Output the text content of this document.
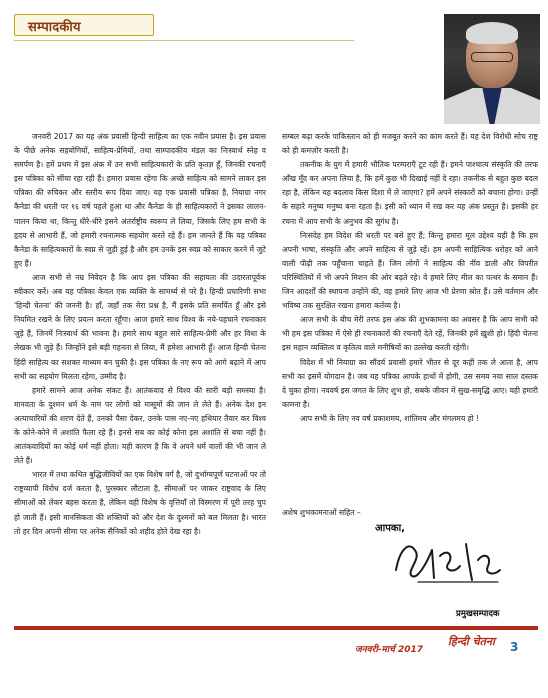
सम्पादकीय

जनवरी 2017 का यह अंक प्रवासी हिन्दी साहित्य का एक नवीन प्रयास है। इस प्रयास के पीछे अनेक सहयोगियों, साहित्य-प्रेमियों, तथा साम्पादकीय मंडल का निःस्वार्थ स्नेह व समर्पण है। हमें प्रथम में इस अंक में उन सभी साहित्यकारों के प्रति कृतज्ञ हूँ, जिनकी रचनाएँ इस पत्रिका को सींचा रहा रही हैं। हमारा प्रयास रहेगा कि अच्छे साहित्य को सामने लाकर इस पत्रिका की रुचिकर और स्तरीय रूप दिया जाए। यह एक प्रवासी पत्रिका है, नियाग्रा नगर कैनेडा की धरती पर १६ वर्ष पहले हुआ था और कैनेडा के ही साहित्यकारों ने इसका लालन-पालन किया था, किन्तु धीरे-धीरे इसने अंतर्राष्ट्रीय स्वरूप ले लिया, जिसके लिए हम सभी के हृदय से आभारी हैं, जो हमारी रचनात्मक सहयोग करते रहे हैं। हम जानते हैं कि यह पत्रिका कैनेडा के साहित्यकारों के स्वप्न से जुड़ी हुई है और हम उनके इस स्वप्न को साकार करने में जुटे हुए हैं।

आज सभी से नम्र निवेदन है कि आप इस पत्रिका की सहायता की उदारतापूर्वक स्वीकार करें। अब यह पत्रिका केवल एक व्यक्ति के सामर्थ्य से परे है। हिन्दी प्रचारिणी सभा 'हिन्दी चेतना' की जननी है। हाँ, जहाँ तक मेरा प्रश्न है, मैं इसके प्रति समर्पित हूँ और इसे नियमित रखने के लिए प्रयत्न करता रहूँगा। आज हमारे साथ विश्व के नये-पहचाने रचनाकार जुड़े हैं, जिनमें निःस्वार्थ की भावना है। हमारे साथ बहुत सारे साहित्य-प्रेमी और हर विधा के लेखक भी जुड़े हैं। जिन्होंने इसे बड़ी गहनता से लिया, मैं हमेशा आभारी हूँ। आज हिन्दी चेतना हिंदी साहित्य का सशक्त माध्यम बन चुकी है। इस पत्रिका के नए रूप को आगे बढ़ाने में आप सभी का सहयोग मिलता रहेगा, उम्मीद है।

हमारे सामने आज अनेक संकट हैं। आतंकवाद से विश्व की सारी बड़ी समस्या है। मानवता के दुश्मन धर्म के नाम पर लोगों को मासूमों की जान ले लेते हैं। अनेक देश इन अत्याचारियों की शरण देते हैं, उनको पैसा देकर, उनके पास नए-नए हथियार तैयार कर विश्व के कोने-कोने में अशांति फैला रहे हैं। इनसे सब का कोई कोना इस अशांति से बचा नहीं है। आतंकवादियों का कोई धर्म नहीं होता। यही कारण है कि वे अपने धर्म वालों की भी जान ले लेते हैं।

भारत में तथा कथित बुद्धिजीवियों का एक विशेष वर्ग है, जो दुर्भाग्यपूर्ण घटनाओं पर तो राष्ट्रव्यापी विरोध दर्ज करता है, पुरस्कार लौटाता है, सीमाओं पर जाकर राष्ट्रवाद के लिए सीमाओं को लेकर बहस करता है, लेकिन वही विशेष के वृत्तियाँ तो विस्मरण में पूरी तरह चुप हो जाती हैं। इसी मानसिकता की शक्तियों को और देश के दुश्मनों को बल मिलता है। भारत तो हर दिन अपनी सीमा पर अनेक सैनिकों को शहीद होते देख रहा है।

सम्बल बढ़ा करके पाकिस्तान को ही मजबूत करने का काम करते हैं। यह देश विरोधी सोच राष्ट्र को ही कमज़ोर करती है।

तकनीक के युग में हमारी भौतिक परम्पराएँ टूट रही हैं। हमने पाश्चात्य संस्कृति की तरफ आँख मूँद कर अपना लिया है, कि हमें कुछ भी दिखाई नहीं दे रहा। तकनीक से बहुत कुछ बदल रहा है, लेकिन यह बदलाव किस दिशा में ले जाएगा? हमें अपने संस्कारों को बचाना होगा। उन्हीं के सहारे मनुष्य मनुष्य बना रहता है। इसी को ध्यान में रख कर यह अंक प्रस्तुत है। इसकी हर रचना में आप सभी के अनुभव की सुगंध है।

निःसंदेह हम विदेश की धरती पर बसे हुए हैं; किन्तु हमारा मूल उद्देश्य यही है कि हम अपनी भाषा, संस्कृति और अपने साहित्य से जुड़े रहें। हम अपनी साहित्यिक धरोहर को आने वाली पीढ़ी तक पहुँचाना चाहते हैं। जिन लोगों ने साहित्य की नींव डाली और विपरीत परिस्थितियों में भी अपने मिशन की ओर बढ़ते रहे। वे हमारे लिए मील का पत्थर के समान हैं। जिन आदर्शों की स्थापना उन्होंने की, वह हमारे लिए आज भी प्रेरणा स्रोत हैं। उसे वर्तमान और भविष्य तक सुरक्षित रखना हमारा कर्तव्य है।

आज सभी के बीच मेरी तरफ इस अंक की शुभकामना का अवसर है कि आप सभी को भी हम इस पत्रिका में ऐसे ही रचनाकारों की रचनाएँ देते रहें, जिनकी हमें ख़ुशी हो। हिंदी चेतना इस महान व्यक्तित्व व कृतित्व वाले मनीषियों का उल्लेख करती रहेगी।

विदेश में भी नियाग्रा का सौंदर्य प्रवासी हमारे भीतर से दूर कहीं तक ले आता है, आप सभी का इसमें योगदान है। जब यह पत्रिका आपके हाथों में होगी, उस समय नया साल दस्तक दे चुका होगा। नववर्ष इस जगत के लिए शुभ हो, सबके जीवन में सुख-समृद्धि आए। यही हमारी कामना है।

आप सभी के लिए नव वर्ष प्रकाशमय, शांतिमय और मंगलमय हो !

अशेष शुभकामनाओं सहित –
आपका,
प्रमुखसम्पादक
जनवरी-मार्च 2017
हिन्दी चेतना 3
